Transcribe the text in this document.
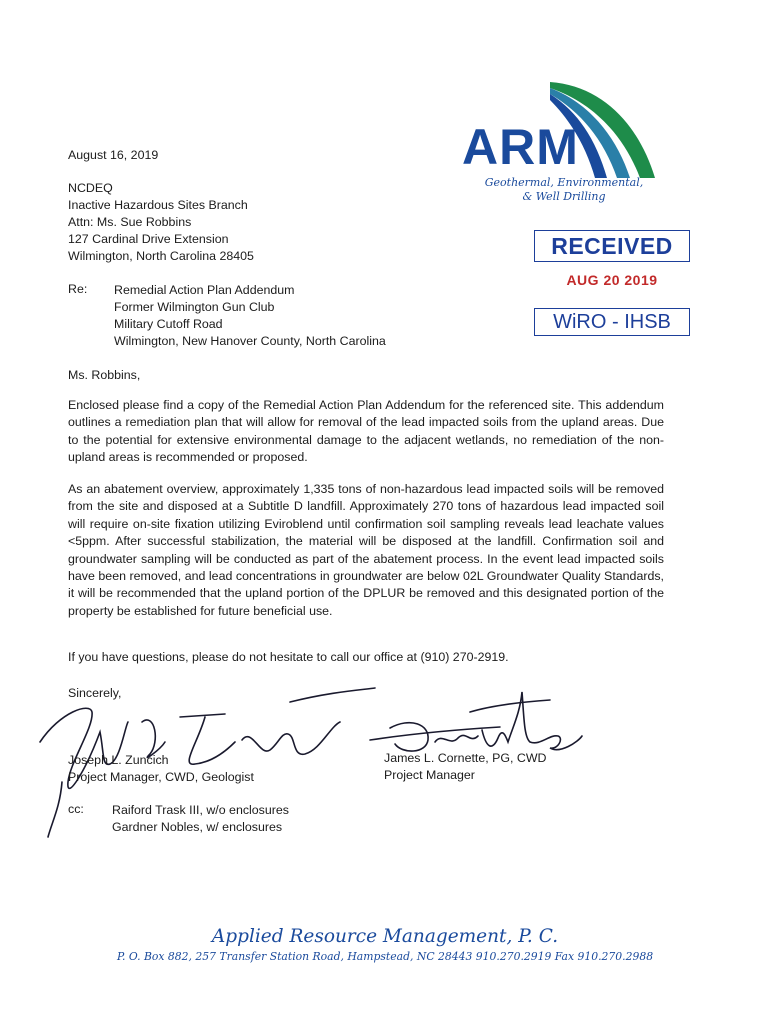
ARM
Geothermal, Environmental,
& Well Drilling
RECEIVED
AUG 20 2019
WiRO - IHSB
August 16, 2019
NCDEQ
Inactive Hazardous Sites Branch
Attn: Ms. Sue Robbins
127 Cardinal Drive Extension
Wilmington, North Carolina 28405
Re: Remedial Action Plan Addendum
Former Wilmington Gun Club
Military Cutoff Road
Wilmington, New Hanover County, North Carolina
Ms. Robbins,
Enclosed please find a copy of the Remedial Action Plan Addendum for the referenced site. This addendum outlines a remediation plan that will allow for removal of the lead impacted soils from the upland areas. Due to the potential for extensive environmental damage to the adjacent wetlands, no remediation of the non-upland areas is recommended or proposed.
As an abatement overview, approximately 1,335 tons of non-hazardous lead impacted soils will be removed from the site and disposed at a Subtitle D landfill. Approximately 270 tons of hazardous lead impacted soil will require on-site fixation utilizing Eviroblend until confirmation soil sampling reveals lead leachate values <5ppm. After successful stabilization, the material will be disposed at the landfill. Confirmation soil and groundwater sampling will be conducted as part of the abatement process. In the event lead impacted soils have been removed, and lead concentrations in groundwater are below 02L Groundwater Quality Standards, it will be recommended that the upland portion of the DPLUR be removed and this designated portion of the property be established for future beneficial use.
If you have questions, please do not hesitate to call our office at (910) 270-2919.
Sincerely,
Joseph L. Zuncich
Project Manager, CWD, Geologist
James L. Cornette, PG, CWD
Project Manager
cc: Raiford Trask III, w/o enclosures
Gardner Nobles, w/ enclosures
Applied Resource Management, P. C.
P. O. Box 882, 257 Transfer Station Road, Hampstead, NC 28443 910.270.2919 Fax 910.270.2988
